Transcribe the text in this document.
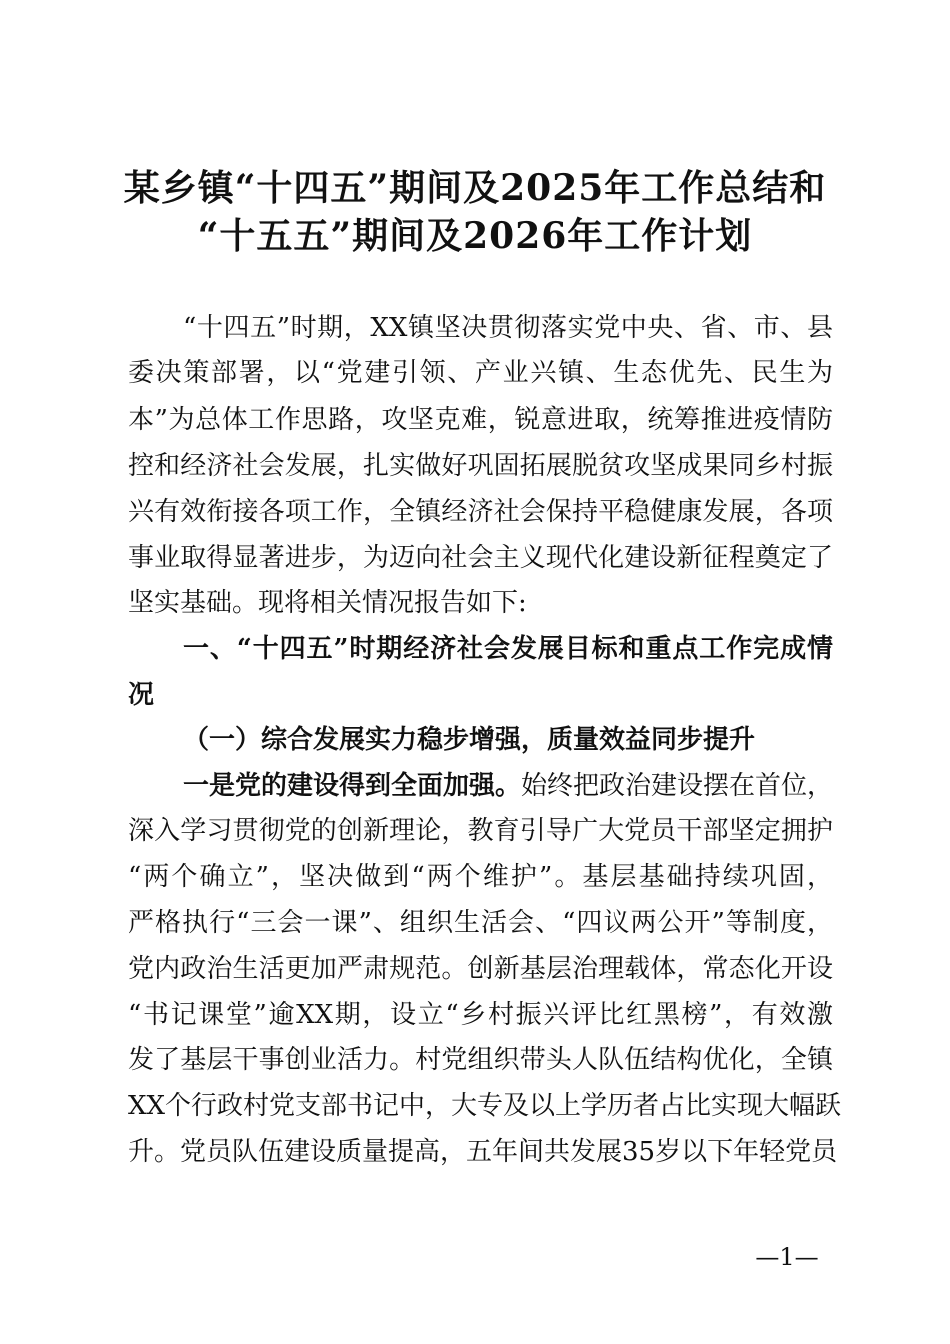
某乡镇“十四五”期间及2025年工作总结和
“十五五”期间及2026年工作计划
“十四五”时期，XX镇坚决贯彻落实党中央、省、市、县
委决策部署，以“党建引领、产业兴镇、生态优先、民生为
本”为总体工作思路，攻坚克难，锐意进取，统筹推进疫情防
控和经济社会发展，扎实做好巩固拓展脱贫攻坚成果同乡村振
兴有效衔接各项工作，全镇经济社会保持平稳健康发展，各项
事业取得显著进步，为迈向社会主义现代化建设新征程奠定了
坚实基础。现将相关情况报告如下:
一、“十四五”时期经济社会发展目标和重点工作完成情
况
（一）综合发展实力稳步增强，质量效益同步提升
一是党的建设得到全面加强。始终把政治建设摆在首位，
深入学习贯彻党的创新理论，教育引导广大党员干部坚定拥护
“两个确立”，坚决做到“两个维护”。基层基础持续巩固，
严格执行“三会一课”、组织生活会、“四议两公开”等制度，
党内政治生活更加严肃规范。创新基层治理载体，常态化开设
“书记课堂”逾XX期，设立“乡村振兴评比红黑榜”，有效激
发了基层干事创业活力。村党组织带头人队伍结构优化，全镇
XX个行政村党支部书记中，大专及以上学历者占比实现大幅跃
升。党员队伍建设质量提高，五年间共发展35岁以下年轻党员
—1—
